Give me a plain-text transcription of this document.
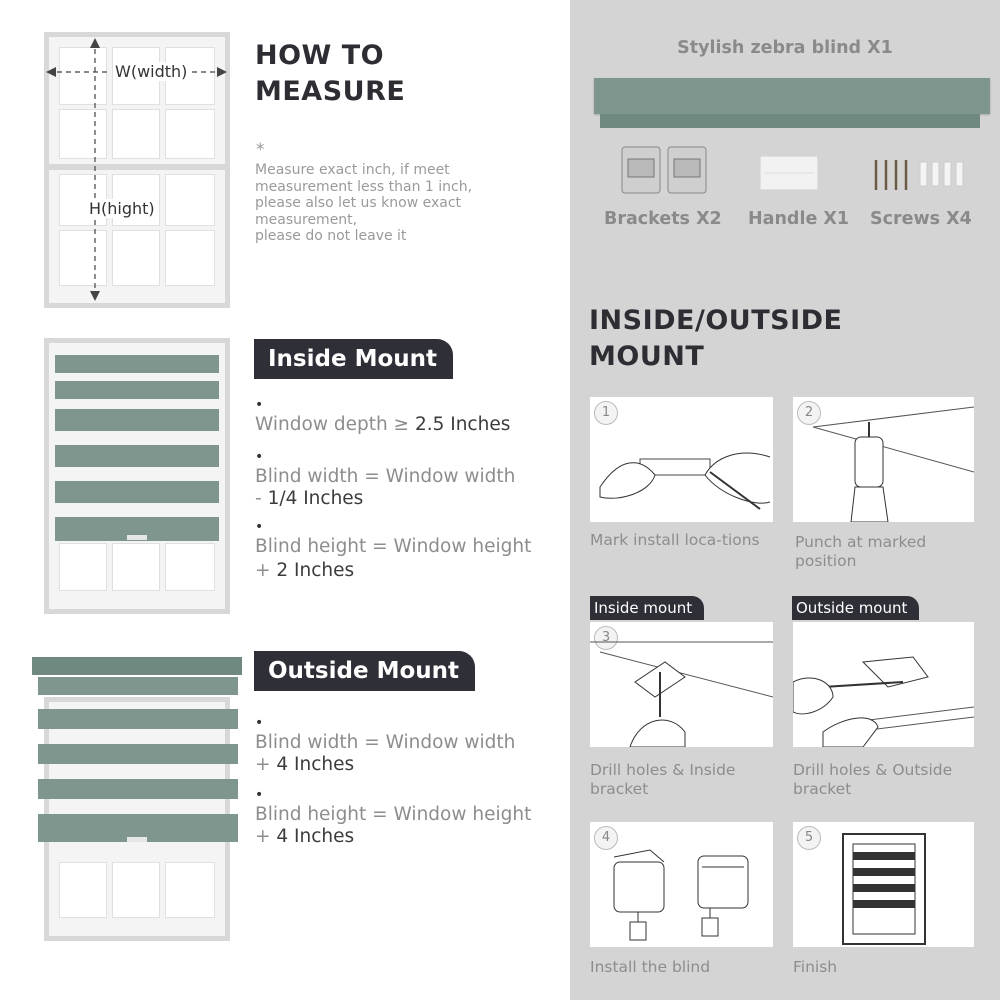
W(width)
H(hight)
HOW TO
MEASURE
*
Measure exact inch, if meet
measurement less than 1 inch,
please also let us know exact
measurement,
please do not leave it
Inside Mount
•
Window depth ≥ 2.5 Inches
•
Blind width = Window width
- 1/4 Inches
•
Blind height = Window height
+ 2 Inches
Outside Mount
•
Blind width = Window width
+ 4 Inches
•
Blind height = Window height
+ 4 Inches
Stylish zebra blind X1
Brackets X2 Handle X1 Screws X4
INSIDE/OUTSIDE
MOUNT
1
Mark install loca-tions
2
Punch at marked
position
Inside mount
3
Drill holes & Inside
bracket
Outside mount
Drill holes & Outside
bracket
4
Install the blind
5
Finish
